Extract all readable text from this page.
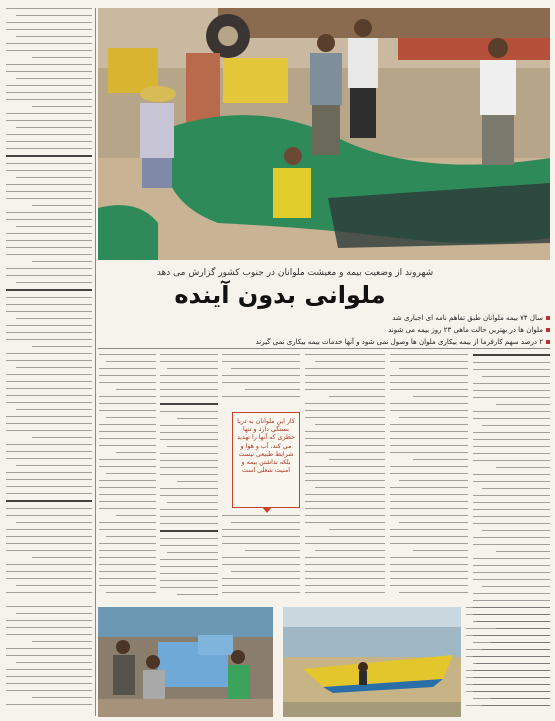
شهروند از وضعیت بیمه و معیشت ملوانان در جنوب کشور گزارش می دهد
ملوانی بدون آینده
سال ۷۴ بیمه ملوانان طبق تفاهم نامه ای اجباری شد
ملوان ها در بهترین حالت ماهی ۲۳ روز بیمه می شوند
۲ درصد سهم کارفرما از بیمه بیکاری ملوان ها وصول نمی شود و آنها خدمات بیمه بیکاری نمی گیرند
کار این ملوانان به دریا بستگی دارد و تنها خطری که آنها را تهدید می کند، آب و هوا و شرایط طبیعی نیست بلکه نداشتن بیمه و امنیت شغلی است
